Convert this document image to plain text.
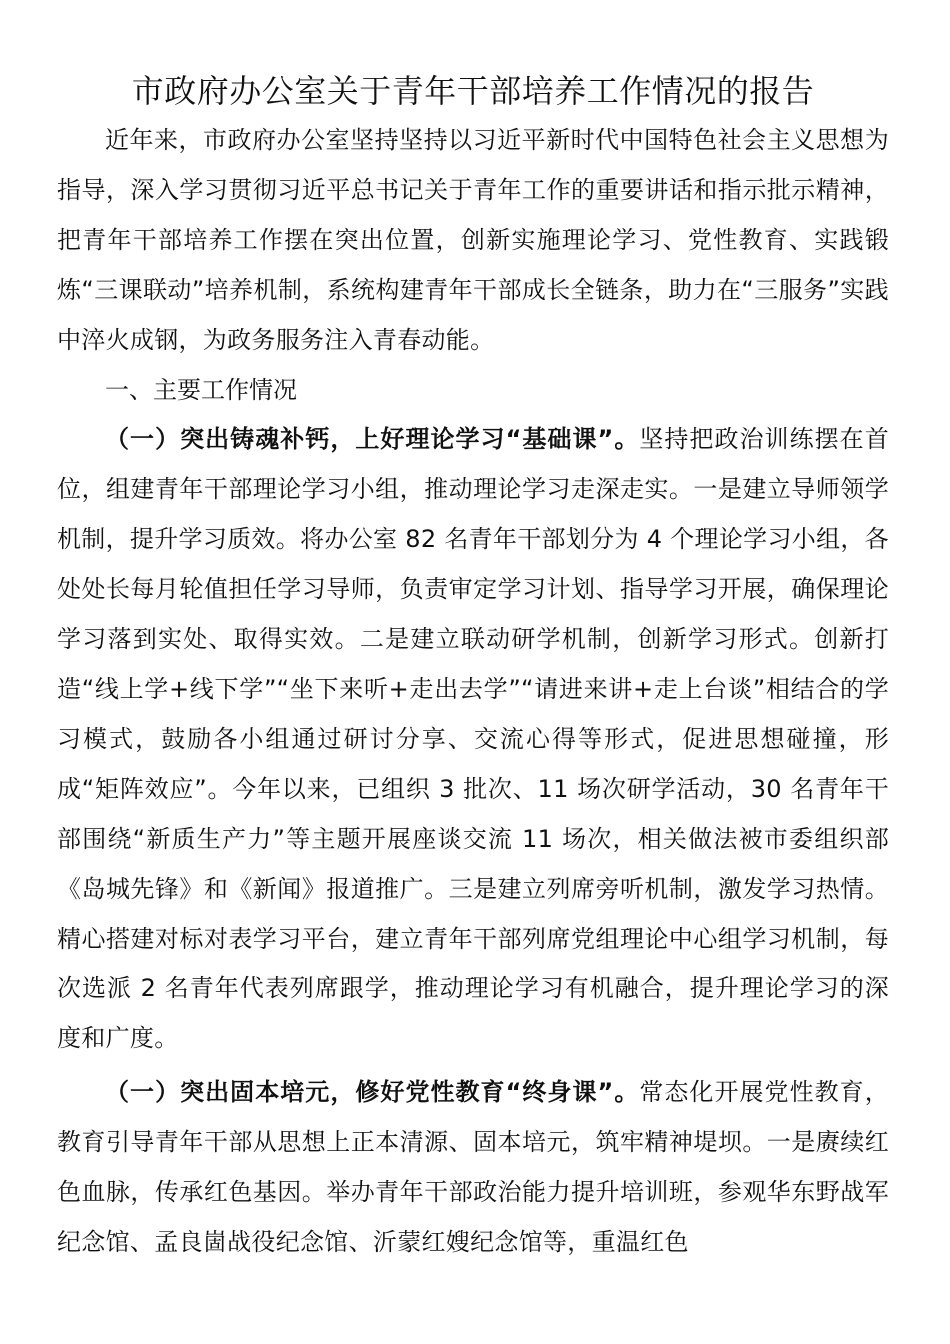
市政府办公室关于青年干部培养工作情况的报告

近年来，市政府办公室坚持坚持以习近平新时代中国特色社会主义思想为指导，深入学习贯彻习近平总书记关于青年工作的重要讲话和指示批示精神，把青年干部培养工作摆在突出位置，创新实施理论学习、党性教育、实践锻炼“三课联动”培养机制，系统构建青年干部成长全链条，助力在“三服务”实践中淬火成钢，为政务服务注入青春动能。

一、主要工作情况

（一）突出铸魂补钙，上好理论学习“基础课”。坚持把政治训练摆在首位，组建青年干部理论学习小组，推动理论学习走深走实。一是建立导师领学机制，提升学习质效。将办公室 82 名青年干部划分为 4 个理论学习小组，各处处长每月轮值担任学习导师，负责审定学习计划、指导学习开展，确保理论学习落到实处、取得实效。二是建立联动研学机制，创新学习形式。创新打造“线上学+线下学”“坐下来听+走出去学”“请进来讲+走上台谈”相结合的学习模式，鼓励各小组通过研讨分享、交流心得等形式，促进思想碰撞，形成“矩阵效应”。今年以来，已组织 3 批次、11 场次研学活动，30 名青年干部围绕“新质生产力”等主题开展座谈交流 11 场次，相关做法被市委组织部《岛城先锋》和《新闻》报道推广。三是建立列席旁听机制，激发学习热情。精心搭建对标对表学习平台，建立青年干部列席党组理论中心组学习机制，每次选派 2 名青年代表列席跟学，推动理论学习有机融合，提升理论学习的深度和广度。

（一）突出固本培元，修好党性教育“终身课”。常态化开展党性教育，教育引导青年干部从思想上正本清源、固本培元，筑牢精神堤坝。一是赓续红色血脉，传承红色基因。举办青年干部政治能力提升培训班，参观华东野战军纪念馆、孟良崮战役纪念馆、沂蒙红嫂纪念馆等，重温红色
